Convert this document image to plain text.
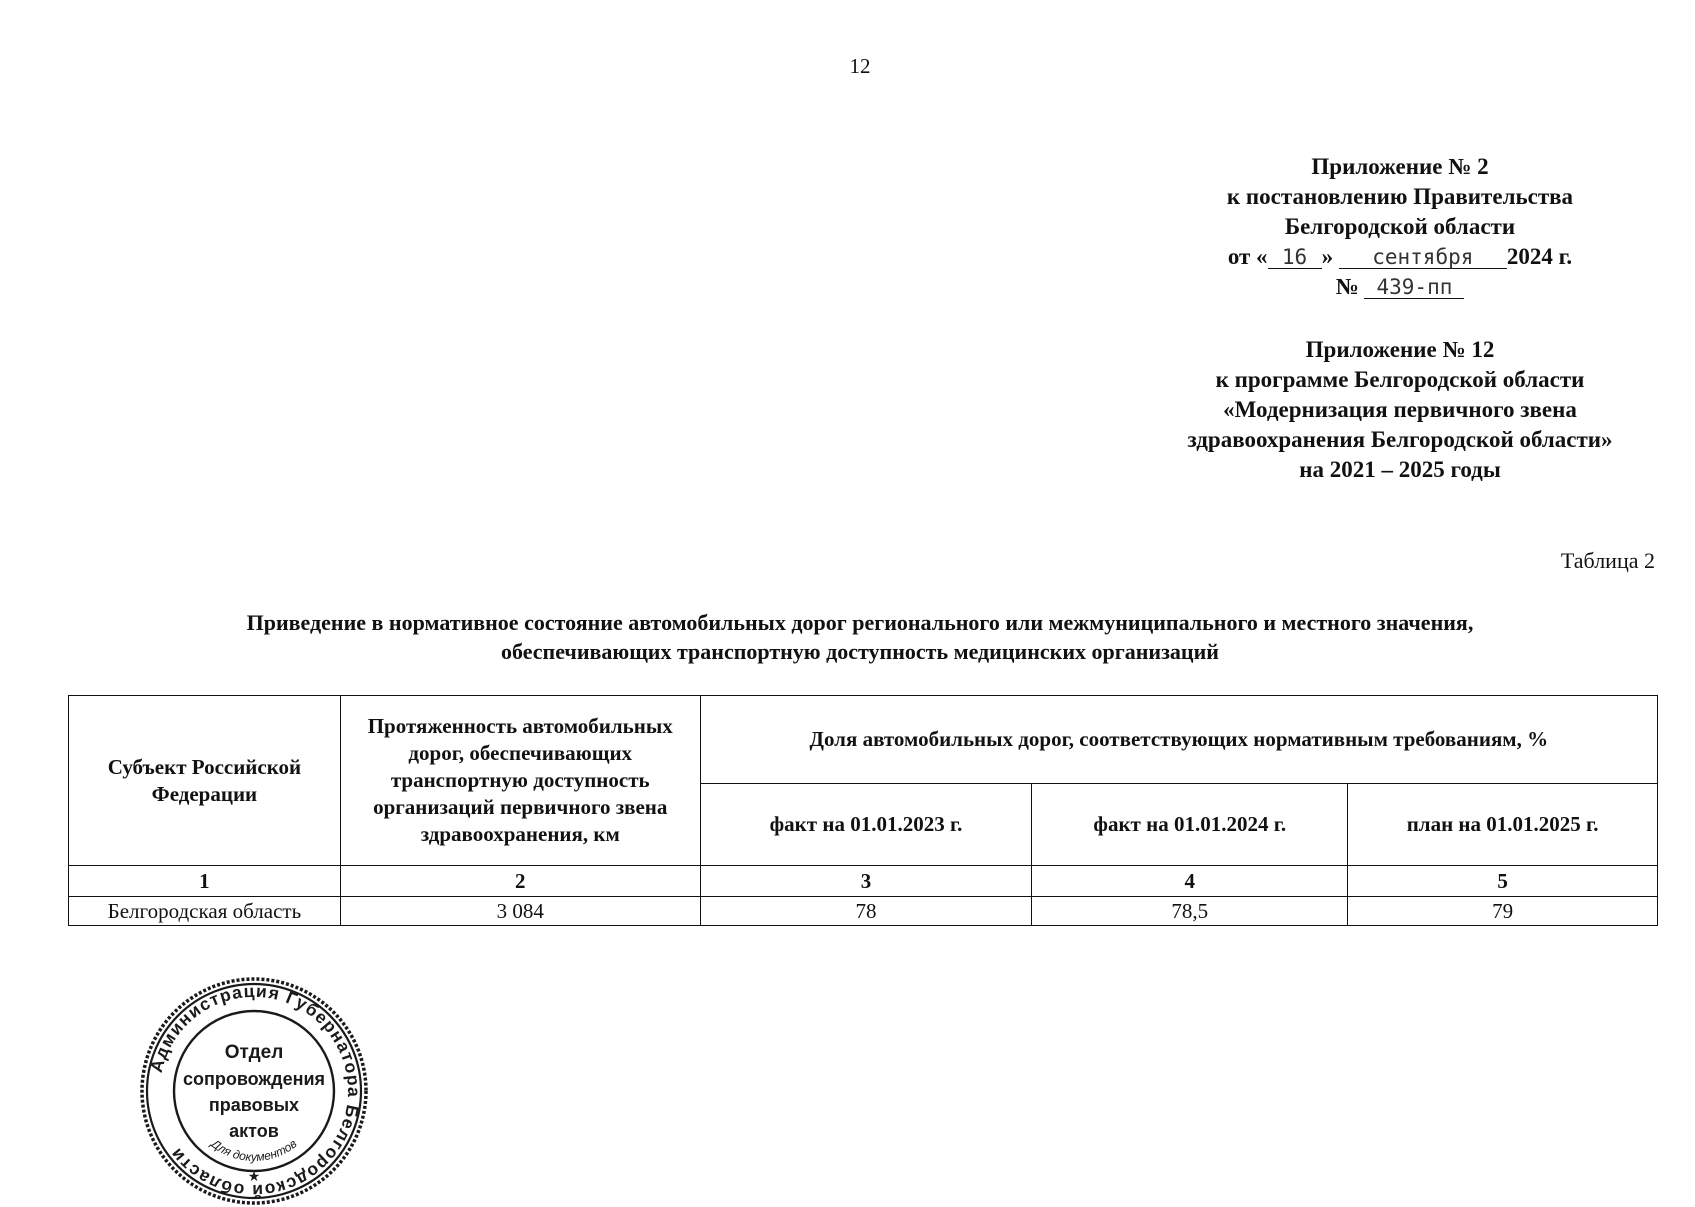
12
Приложение № 2
к постановлению Правительства
Белгородской области
от « 16 » сентября 2024 г.
№ 439-пп
Приложение № 12
к программе Белгородской области
«Модернизация первичного звена
здравоохранения Белгородской области»
на 2021 – 2025 годы
Таблица 2
Приведение в нормативное состояние автомобильных дорог регионального или межмуниципального и местного значения,
обеспечивающих транспортную доступность медицинских организаций
Субъект Российской Федерации	Протяженность автомобильных дорог, обеспечивающих транспортную доступность организаций первичного звена здравоохранения, км	Доля автомобильных дорог, соответствующих нормативным требованиям, %		
		факт на 01.01.2023 г.	факт на 01.01.2024 г.	план на 01.01.2025 г.
1	2	3	4	5
Белгородская область	3 084	78	78,5	79
Администрация Губернатора Белгородской области
Отдел
сопровождения
правовых
актов
Для документов
★
